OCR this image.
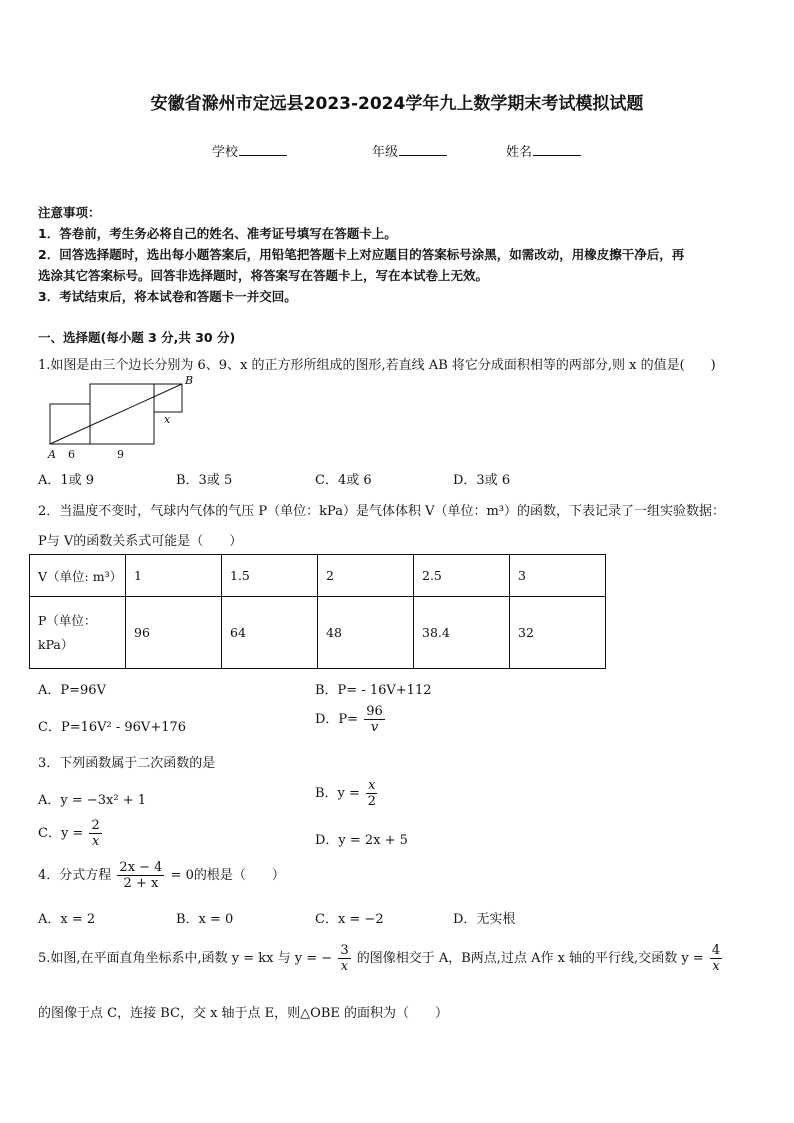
安徽省滁州市定远县2023-2024学年九上数学期末考试模拟试题
学校	年级	姓名
注意事项：
1．答卷前，考生务必将自己的姓名、准考证号填写在答题卡上。
2．回答选择题时，选出每小题答案后，用铅笔把答题卡上对应题目的答案标号涂黑，如需改动，用橡皮擦干净后，再
选涂其它答案标号。回答非选择题时，将答案写在答题卡上，写在本试卷上无效。
3．考试结束后，将本试卷和答题卡一并交回。
一、选择题(每小题 3 分,共 30 分)
1.如图是由三个边长分别为 6、9、x 的正方形所组成的图形,若直线 AB 将它分成面积相等的两部分,则 x 的值是(　　)
A
B
x
6	9
A．1或 9	B．3或 5	C．4或 6	D．3或 6
2．当温度不变时，气球内气体的气压 P（单位：kPa）是气体体积 V（单位：m³）的函数，下表记录了一组实验数据：
P与 V的函数关系式可能是（　　）
V（单位: m³）	1	1.5	2	2.5	3

P（单位：
kPa）	96	64	48	38.4	32
A．P=96V	B．P= - 16V+112
C．P=16V² - 96V+176
D．$P= \frac{96}{v}$
3．下列函数属于二次函数的是
A．y = −3x² + 1	B．$y = \frac{x}{2}$
C．$y = \frac{2}{x}$	D．y = 2x + 5
4．分式方程 $\frac{2x - 4}{2 + x} = 0$的根是（　　）
A．x = 2	B．x = 0	C．x = −2	D．无实根
5.如图,在平面直角坐标系中,函数 y = kx 与 y = − $\frac{3}{x}$ 的图像相交于 A，B两点,过点 A作 x 轴的平行线,交函数 $y = \frac{4}{x}$
的图像于点 C，连接 BC，交 x 轴于点 E，则△OBE 的面积为（　　）
